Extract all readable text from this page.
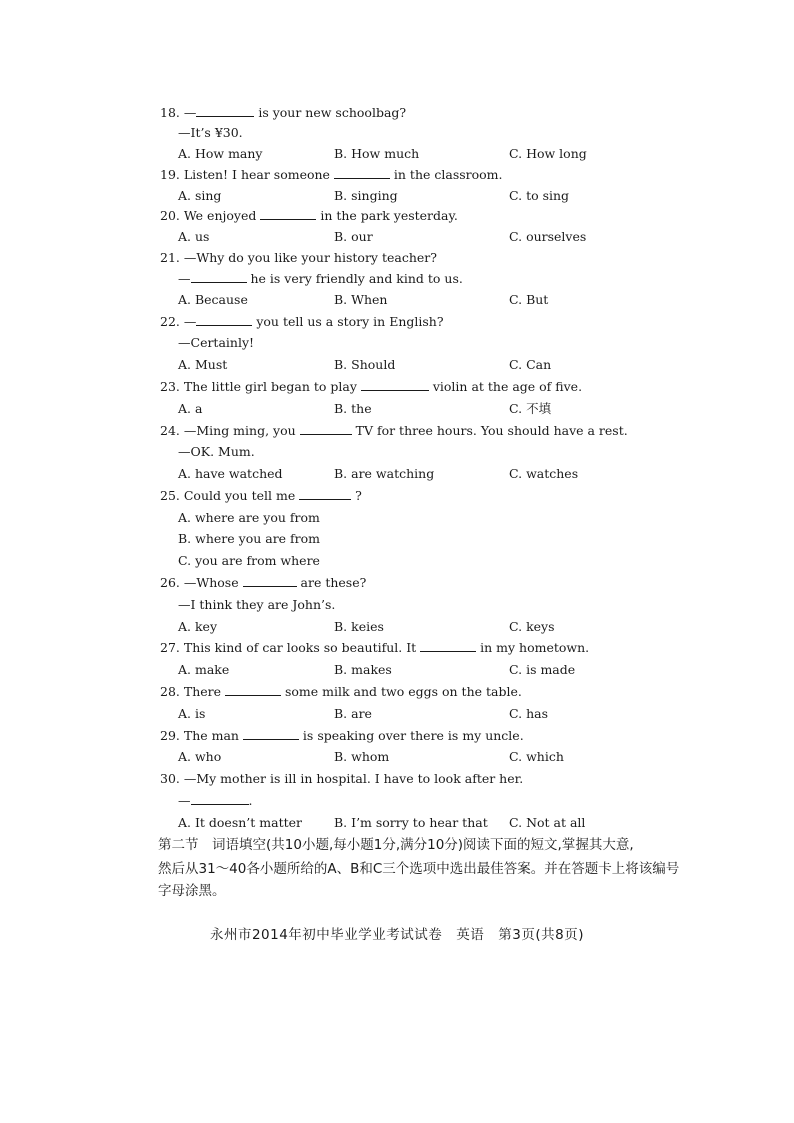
18. —	is your new schoolbag?
—It’s ¥30.
A. How many	B. How much	C. How long
19. Listen! I hear someone	in the classroom.
A. sing	B. singing	C. to sing
20. We enjoyed	in the park yesterday.
A. us	B. our	C. ourselves
21. —Why do you like your history teacher?
—	he is very friendly and kind to us.
A. Because	B. When	C. But
22. —	you tell us a story in English?
—Certainly!
A. Must	B. Should	C. Can
23. The little girl began to play	violin at the age of five.
A. a	B. the	C. 不填
24. —Ming ming, you	TV for three hours. You should have a rest.
—OK. Mum.
A. have watched	B. are watching	C. watches
25. Could you tell me	?
A. where are you from
B. where you are from
C. you are from where
26. —Whose	are these?
—I think they are John’s.
A. key	B. keies	C. keys
27. This kind of car looks so beautiful. It	in my hometown.
A. make	B. makes	C. is made
28. There	some milk and two eggs on the table.
A. is	B. are	C. has
29. The man	is speaking over there is my uncle.
A. who	B. whom	C. which
30. —My mother is ill in hospital. I have to look after her.
—	.
A. It doesn’t matter	B. I’m sorry to hear that C. Not at all
第二节　词语填空(共10小题,每小题1分,满分10分)阅读下面的短文,掌握其大意,
然后从31～40各小题所给的A、B和C三个选项中选出最佳答案。并在答题卡上将该编号
字母涂黑。
永州市2014年初中毕业学业考试试卷　英语　第3页(共8页)
